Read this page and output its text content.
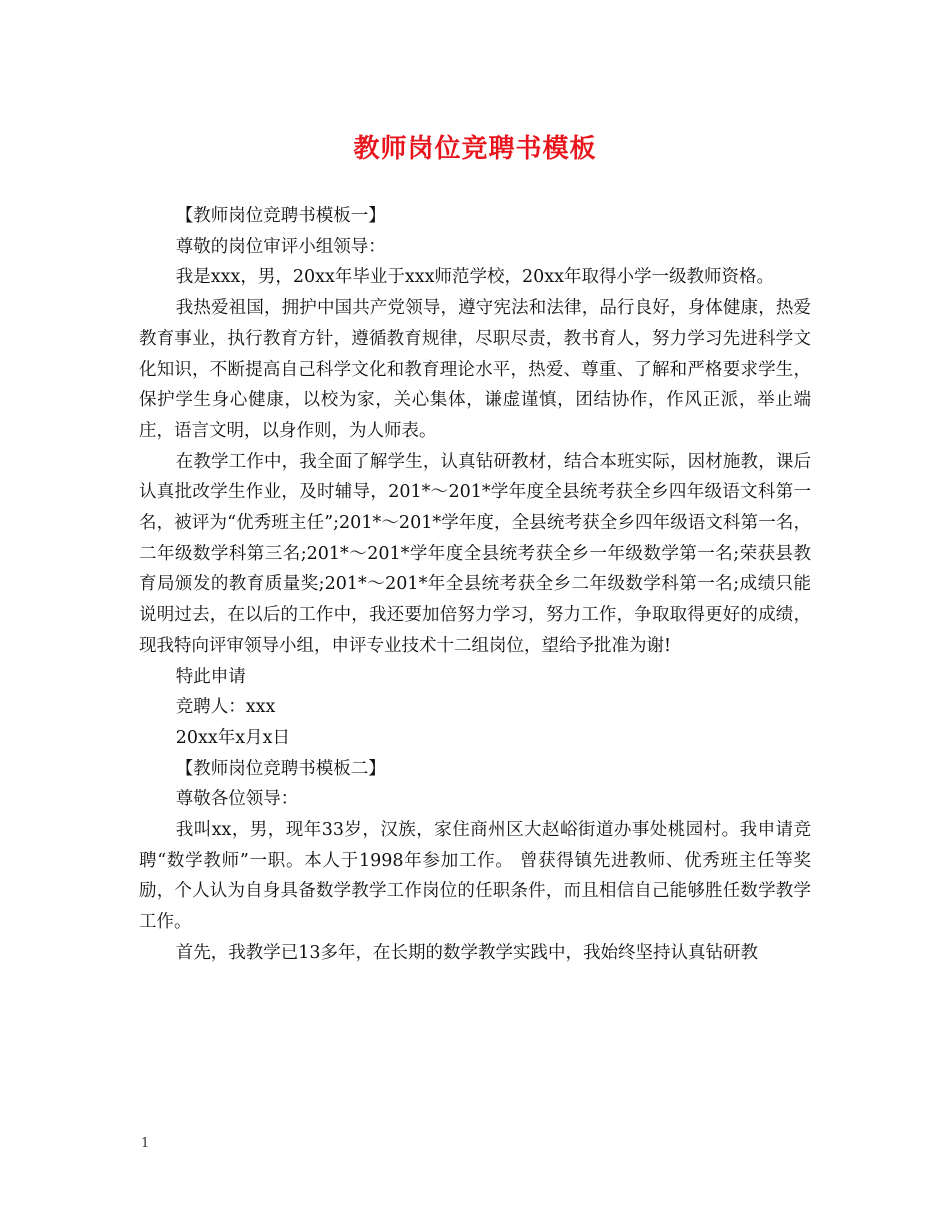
教师岗位竞聘书模板

【教师岗位竞聘书模板一】

尊敬的岗位审评小组领导：

我是xxx，男，20xx年毕业于xxx师范学校，20xx年取得小学一级教师资格。

我热爱祖国，拥护中国共产党领导，遵守宪法和法律，品行良好，身体健康，热爱教育事业，执行教育方针，遵循教育规律，尽职尽责，教书育人，努力学习先进科学文化知识，不断提高自己科学文化和教育理论水平，热爱、尊重、了解和严格要求学生，保护学生身心健康，以校为家，关心集体，谦虚谨慎，团结协作，作风正派，举止端庄，语言文明，以身作则，为人师表。

在教学工作中，我全面了解学生，认真钻研教材，结合本班实际，因材施教，课后认真批改学生作业，及时辅导，201*～201*学年度全县统考获全乡四年级语文科第一名，被评为“优秀班主任”;201*～201*学年度，全县统考获全乡四年级语文科第一名，二年级数学科第三名;201*～201*学年度全县统考获全乡一年级数学第一名;荣获县教育局颁发的教育质量奖;201*～201*年全县统考获全乡二年级数学科第一名;成绩只能说明过去，在以后的工作中，我还要加倍努力学习，努力工作，争取取得更好的成绩，现我特向评审领导小组，申评专业技术十二组岗位，望给予批准为谢!

特此申请

竞聘人：xxx

20xx年x月x日

【教师岗位竞聘书模板二】

尊敬各位领导：

我叫xx，男，现年33岁，汉族，家住商州区大赵峪街道办事处桃园村。我申请竞聘“数学教师”一职。本人于1998年参加工作。 曾获得镇先进教师、优秀班主任等奖励，个人认为自身具备数学教学工作岗位的任职条件，而且相信自己能够胜任数学教学工作。

首先，我教学已13多年，在长期的数学教学实践中，我始终坚持认真钻研教

1
